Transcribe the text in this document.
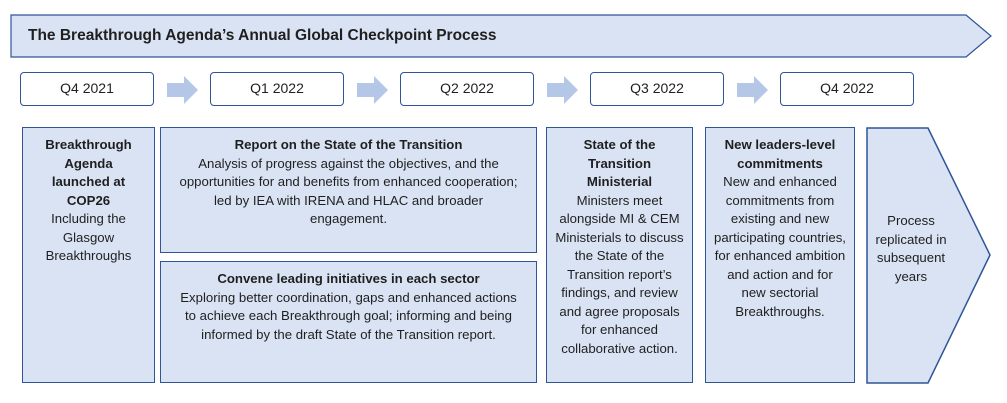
The Breakthrough Agenda’s Annual Global Checkpoint Process
Q4 2021	Q1 2022	Q2 2022	Q3 2022	Q4 2022
Breakthrough Agenda launched at COP26
Including the Glasgow Breakthroughs
Report on the State of the Transition
Analysis of progress against the objectives, and the opportunities for and benefits from enhanced cooperation; led by IEA with IRENA and HLAC and broader engagement.
Convene leading initiatives in each sector
Exploring better coordination, gaps and enhanced actions to achieve each Breakthrough goal; informing and being informed by the draft State of the Transition report.
State of the Transition Ministerial
Ministers meet alongside MI & CEM Ministerials to discuss the State of the Transition report’s findings, and review and agree proposals for enhanced collaborative action.
New leaders-level commitments
New and enhanced commitments from existing and new participating countries, for enhanced ambition and action and for new sectorial Breakthroughs.
Process replicated in subsequent years
